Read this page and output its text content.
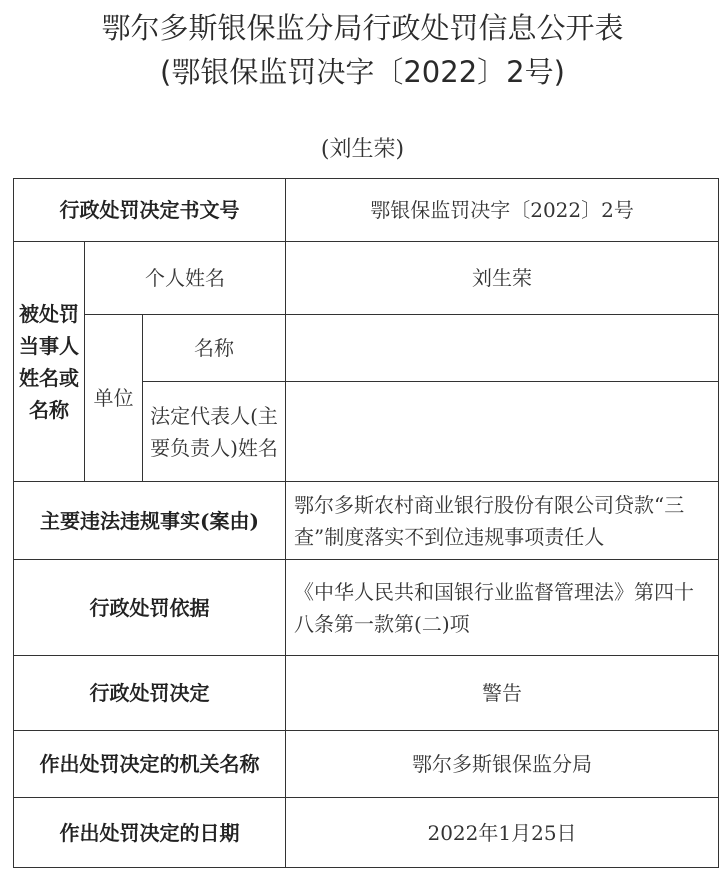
鄂尔多斯银保监分局行政处罚信息公开表
(鄂银保监罚决字〔2022〕2号)
(刘生荣)
行政处罚决定书文号			鄂银保监罚决字〔2022〕2号
被处罚当事人姓名或名称	个人姓名		刘生荣
	单位	名称	
		法定代表人(主要负责人)姓名	
主要违法违规事实(案由)			鄂尔多斯农村商业银行股份有限公司贷款“三查”制度落实不到位违规事项责任人
行政处罚依据			《中华人民共和国银行业监督管理法》第四十八条第一款第(二)项
行政处罚决定			警告
作出处罚决定的机关名称			鄂尔多斯银保监分局
作出处罚决定的日期			2022年1月25日
